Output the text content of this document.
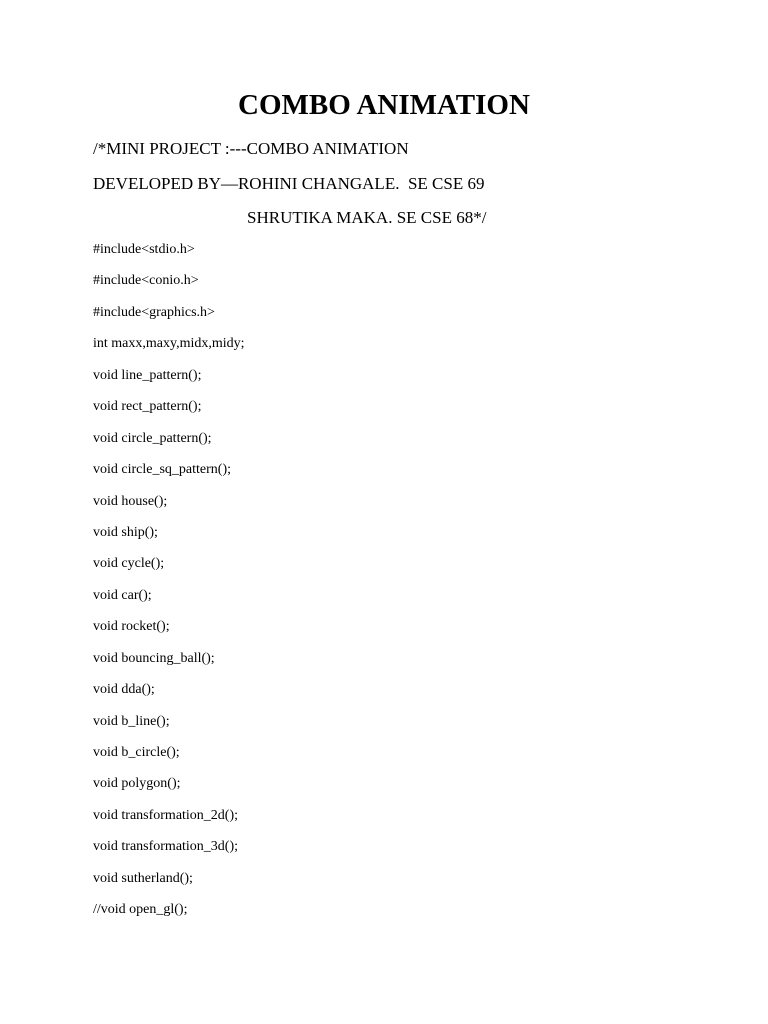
COMBO ANIMATION
/*MINI PROJECT :---COMBO ANIMATION
DEVELOPED BY—ROHINI CHANGALE.  SE CSE 69
SHRUTIKA MAKA. SE CSE 68*/
#include<stdio.h>
#include<conio.h>
#include<graphics.h>
int maxx,maxy,midx,midy;
void line_pattern();
void rect_pattern();
void circle_pattern();
void circle_sq_pattern();
void house();
void ship();
void cycle();
void car();
void rocket();
void bouncing_ball();
void dda();
void b_line();
void b_circle();
void polygon();
void transformation_2d();
void transformation_3d();
void sutherland();
//void open_gl();
